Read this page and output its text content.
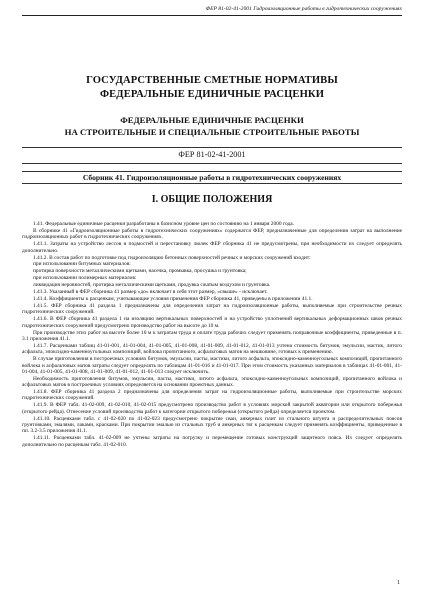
ФЕР 81-02-41-2001 Гидроизоляционные работы в гидротехнических сооружениях
ГОСУДАРСТВЕННЫЕ СМЕТНЫЕ НОРМАТИВЫ
ФЕДЕРАЛЬНЫЕ ЕДИНИЧНЫЕ РАСЦЕНКИ
ФЕДЕРАЛЬНЫЕ ЕДИНИЧНЫЕ РАСЦЕНКИ
НА СТРОИТЕЛЬНЫЕ И СПЕЦИАЛЬНЫЕ СТРОИТЕЛЬНЫЕ РАБОТЫ
ФЕР 81-02-41-2001
Сборник 41. Гидроизоляционные работы в гидротехнических сооружениях
I. ОБЩИЕ ПОЛОЖЕНИЯ

1.41. Федеральные единичные расценки разработаны в базисном уровне цен по состоянию на 1 января 2000 года.

В сборнике 41 «Гидроизоляционные работы в гидротехнических сооружениях» содержатся ФЕР, предназначенные для определения затрат на выполнение гидроизоляционных работ в гидротехнических сооружениях.

1.41.1. Затраты на устройство лессов и подмостей и перестановку люлек ФЕР сборника 41 не предусмотрены, при необходимости их следует определять дополнительно.

1.41.2. В состав работ по подготовке под гидроизоляцию бетонных поверхностей речных и морских сооружений входит:

при использовании битумных материалов:

протирка поверхности металлическими щетками, насечка, промывка, просушка и грунтовка;

при использовании полимерных материалов:

ликвидация неровностей, протирка металлическими щетками, продувка сжатым воздухом и грунтовка.

1.41.3. Указанный в ФЕР сборника 41 размер «до» включает в себя этот размер, «свыше» - исключает.

1.41.4. Коэффициенты к расценкам, учитывающие условия применения ФЕР сборника 41, приведены в приложении 41.1.

1.41.5. ФЕР сборника 41 раздела 1 предназначены для определения затрат на гидроизоляционные работы, выполняемые при строительстве речных гидротехнических сооружений.

1.41.6. В ФЕР сборника 41 раздела 1 на изоляцию вертикальных поверхностей и на устройство уплотнений вертикальных деформационных швов речных гидротехнических сооружений предусмотрено производство работ на высоте до 10 м.

При производстве этих работ на высоте более 10 м к затратам труда и оплате труда рабочих следует применять поправочные коэффициенты, приведенные в п. 3.1 приложения 41.1.

1.41.7. Расценками таблиц 41-01-001, 41-01-004, 41-01-005, 41-01-008, 41-01-009, 41-01-012, 41-01-013 учтена стоимость битумов, эмульсии, мастик, литого асфальта, эпоксидно-каменноугольных композиций, войлока пропитанного, асфальтовых матов на мешковине, готовых к применению.

В случае приготовления в построечных условиях битумов, эмульсии, пасты, мастики, литого асфальта, эпоксидно-каменноугольных композиций, пропитанного войлока и асфальтовых матов затраты следует определять по таблицам 41-01-016 и 41-01-017. При этом стоимость указанных материалов в таблицах 41-01-001, 41-01-004, 41-01-005, 41-01-008, 41-01-009, 41-01-012, 41-01-013 следует исключить.

Необходимость приготовления битумов, эмульсии, пасты, мастики, литого асфальта, эпоксидно-каменноугольных композиций, пропитанного войлока и асфальтовых матов в построечных условиях определяется на основании проектных данных.

1.41.8. ФЕР сборника 41 раздела 2 предназначены для определения затрат на гидроизоляционные работы, выполняемые при строительстве морских гидротехнических сооружений.

1.41.9. В ФЕР табл. 41-02-009, 41-02-010, 41-02-015 предусмотрено производство работ в условиях морской закрытой акватории или открытого побережья (открытого рейда). Отнесение условий производства работ к категории открытого побережья (открытого рейда) определяется проектом.

1.41.10. Расценками табл. с 41-02-020 по 41-02-023 предусмотрено покрытие сваи, анкерных плит из стального штунта и распределительных поясов грунтовками, эмалями, лаками, красками. При покрытии эмалью из стальных труб и анкерных тяг к расценкам следует применять коэффициенты, приведенные в пп. 3.2-3.5 приложения 41.1.

1.41.11. Расценками табл. 41-02-009 не учтены затраты на погрузку и перемещение готовых конструкций защитного пояса. Их следует определять дополнительно по расценкам табл. 41-02-010.

1
